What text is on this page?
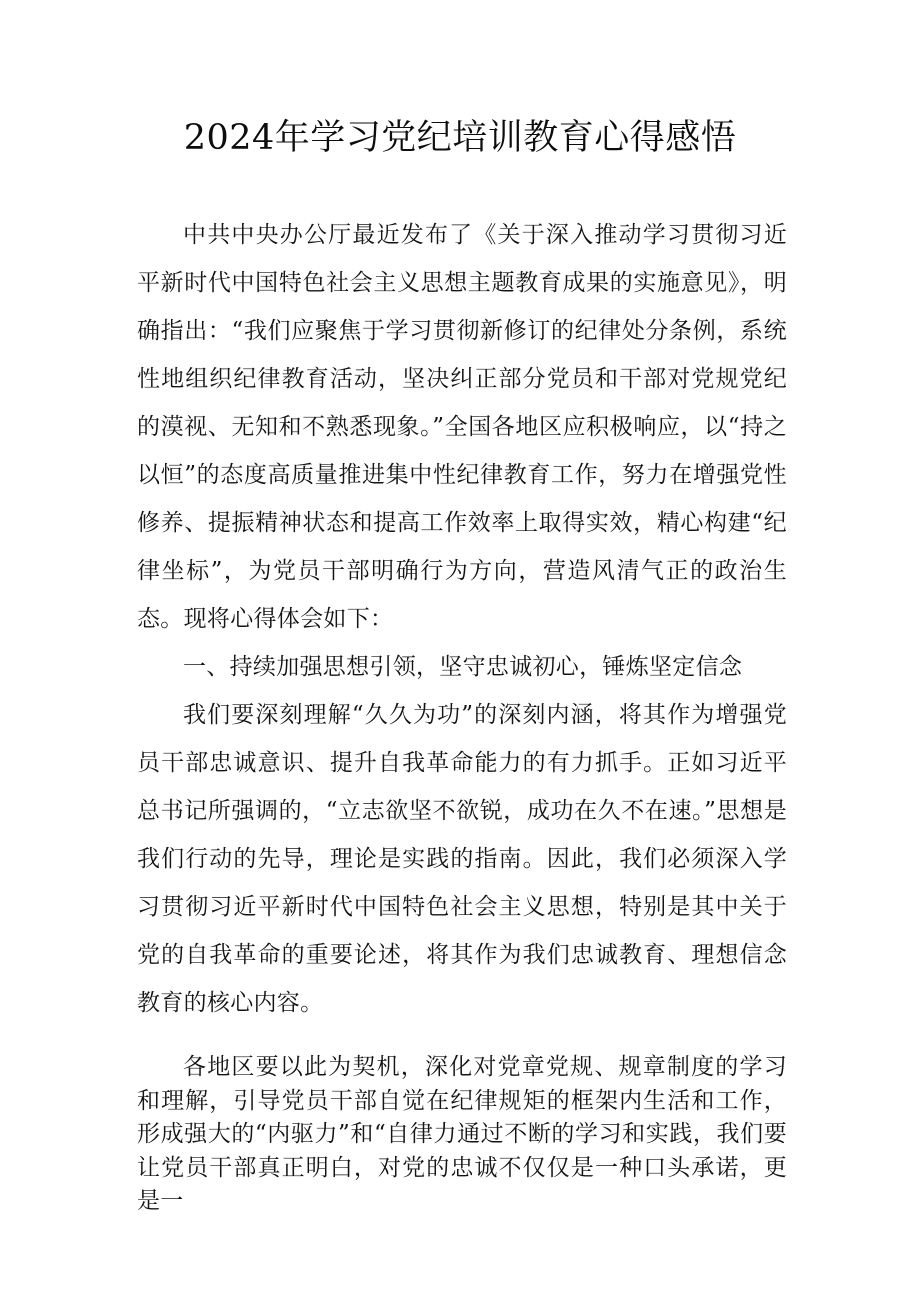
2024年学习党纪培训教育心得感悟

中共中央办公厅最近发布了《关于深入推动学习贯彻习近平新时代中国特色社会主义思想主题教育成果的实施意见》，明确指出：“我们应聚焦于学习贯彻新修订的纪律处分条例，系统性地组织纪律教育活动，坚决纠正部分党员和干部对党规党纪的漠视、无知和不熟悉现象。”全国各地区应积极响应，以“持之以恒”的态度高质量推进集中性纪律教育工作，努力在增强党性修养、提振精神状态和提高工作效率上取得实效，精心构建“纪律坐标”，为党员干部明确行为方向，营造风清气正的政治生态。现将心得体会如下：

一、持续加强思想引领，坚守忠诚初心，锤炼坚定信念

我们要深刻理解“久久为功”的深刻内涵，将其作为增强党员干部忠诚意识、提升自我革命能力的有力抓手。正如习近平总书记所强调的，“立志欲坚不欲锐，成功在久不在速。”思想是我们行动的先导，理论是实践的指南。因此，我们必须深入学习贯彻习近平新时代中国特色社会主义思想，特别是其中关于党的自我革命的重要论述，将其作为我们忠诚教育、理想信念教育的核心内容。

各地区要以此为契机，深化对党章党规、规章制度的学习和理解，引导党员干部自觉在纪律规矩的框架内生活和工作，形成强大的“内驱力”和“自律力通过不断的学习和实践，我们要让党员干部真正明白，对党的忠诚不仅仅是一种口头承诺，更是一
